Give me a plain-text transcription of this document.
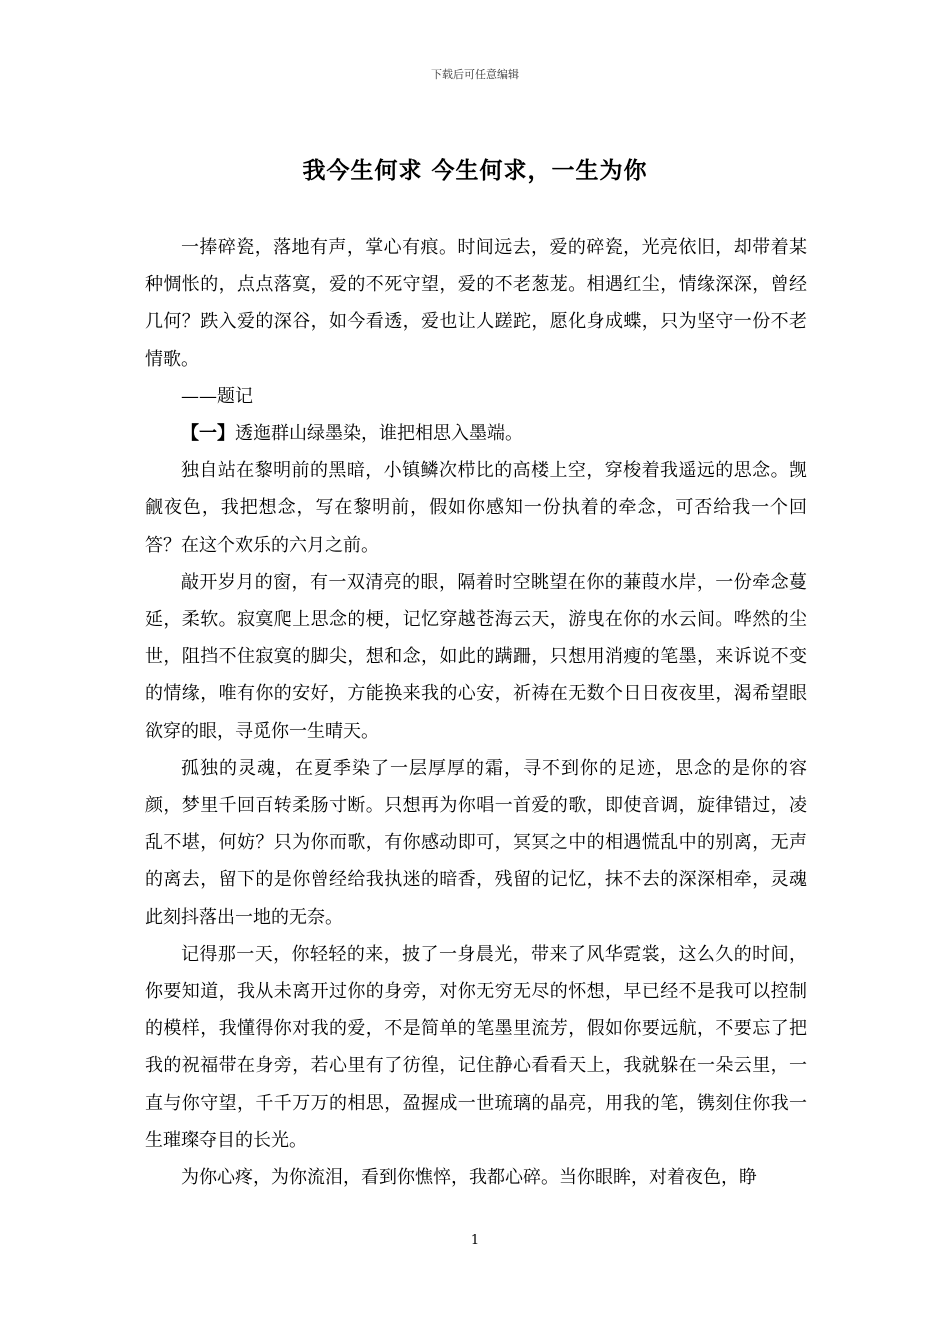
下载后可任意编辑
我今生何求 今生何求，一生为你

一捧碎瓷，落地有声，掌心有痕。时间远去，爱的碎瓷，光亮依旧，却带着某种惆怅的，点点落寞，爱的不死守望，爱的不老葱茏。相遇红尘，情缘深深，曾经几何？跌入爱的深谷，如今看透，爱也让人蹉跎，愿化身成蝶，只为坚守一份不老情歌。

——题记

【一】透迤群山绿墨染，谁把相思入墨端。

独自站在黎明前的黑暗，小镇鳞次栉比的高楼上空，穿梭着我遥远的思念。觊觎夜色，我把想念，写在黎明前，假如你感知一份执着的牵念，可否给我一个回答？在这个欢乐的六月之前。

敲开岁月的窗，有一双清亮的眼，隔着时空眺望在你的蒹葭水岸，一份牵念蔓延，柔软。寂寞爬上思念的梗，记忆穿越苍海云天，游曳在你的水云间。哗然的尘世，阻挡不住寂寞的脚尖，想和念，如此的蹒跚，只想用消瘦的笔墨，来诉说不变的情缘，唯有你的安好，方能换来我的心安，祈祷在无数个日日夜夜里，渴希望眼欲穿的眼，寻觅你一生晴天。

孤独的灵魂，在夏季染了一层厚厚的霜，寻不到你的足迹，思念的是你的容颜，梦里千回百转柔肠寸断。只想再为你唱一首爱的歌，即使音调，旋律错过，凌乱不堪，何妨？只为你而歌，有你感动即可，冥冥之中的相遇慌乱中的别离，无声的离去，留下的是你曾经给我执迷的暗香，残留的记忆，抹不去的深深相牵，灵魂此刻抖落出一地的无奈。

记得那一天，你轻轻的来，披了一身晨光，带来了风华霓裳，这么久的时间，你要知道，我从未离开过你的身旁，对你无穷无尽的怀想，早已经不是我可以控制的模样，我懂得你对我的爱，不是简单的笔墨里流芳，假如你要远航，不要忘了把我的祝福带在身旁，若心里有了彷徨，记住静心看看天上，我就躲在一朵云里，一直与你守望，千千万万的相思，盈握成一世琉璃的晶亮，用我的笔，镌刻住你我一生璀璨夺目的长光。

为你心疼，为你流泪，看到你憔悴，我都心碎。当你眼眸，对着夜色，睁

1
